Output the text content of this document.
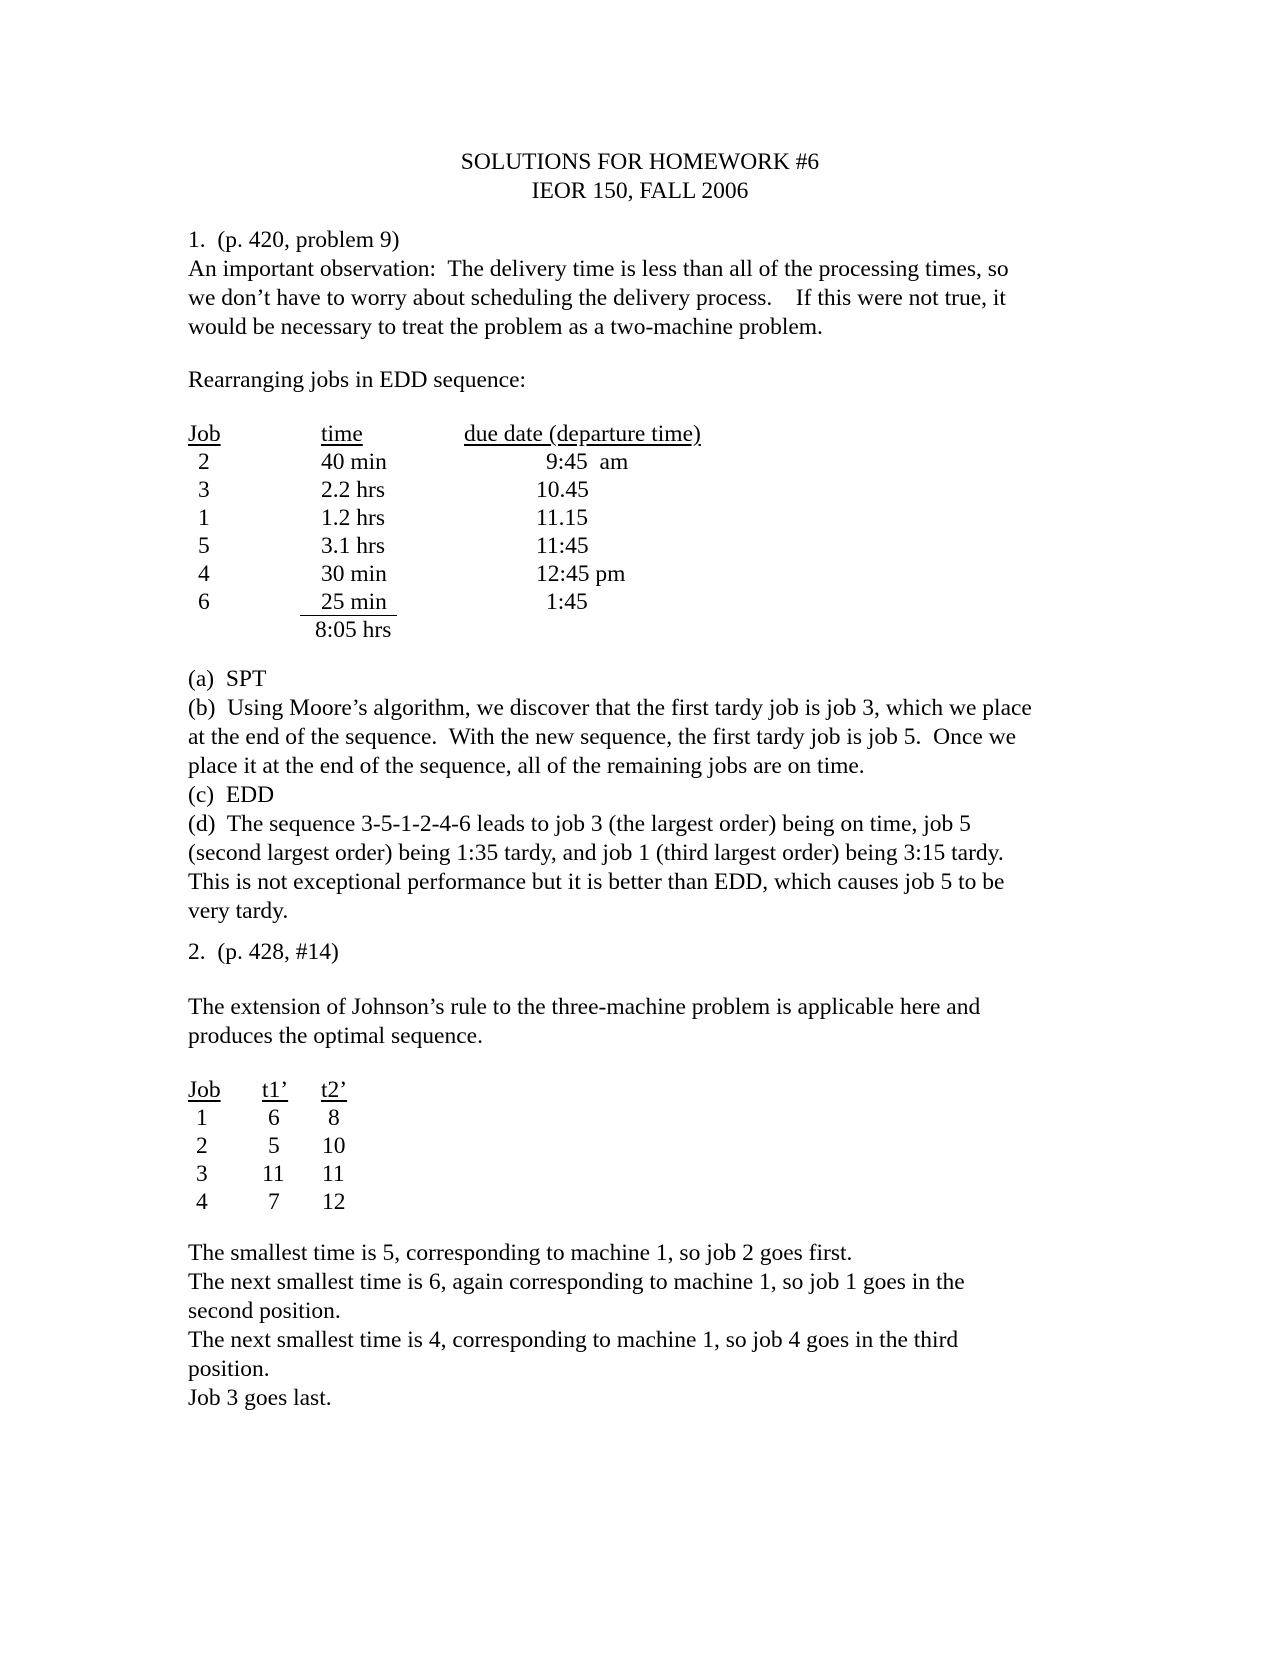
SOLUTIONS FOR HOMEWORK #6
IEOR 150, FALL 2006
1.  (p. 420, problem 9)
An important observation:  The delivery time is less than all of the processing times, so
we don’t have to worry about scheduling the delivery process.    If this were not true, it
would be necessary to treat the problem as a two-machine problem.
Rearranging jobs in EDD sequence:
Job	time	due date (departure time)
2	40 min	9:45  am
3	2.2 hrs	10.45
1	1.2 hrs	11.15
5	3.1 hrs	11:45
4	30 min	12:45 pm
6	25 min	1:45
8:05 hrs
(a)  SPT
(b)  Using Moore’s algorithm, we discover that the first tardy job is job 3, which we place
at the end of the sequence.  With the new sequence, the first tardy job is job 5.  Once we
place it at the end of the sequence, all of the remaining jobs are on time.
(c)  EDD
(d)  The sequence 3-5-1-2-4-6 leads to job 3 (the largest order) being on time, job 5
(second largest order) being 1:35 tardy, and job 1 (third largest order) being 3:15 tardy.
This is not exceptional performance but it is better than EDD, which causes job 5 to be
very tardy.
2.  (p. 428, #14)
The extension of Johnson’s rule to the three-machine problem is applicable here and
produces the optimal sequence.
Job t1’ t2’
1	6 8
2	5 10
3 11 11
4	7 12
The smallest time is 5, corresponding to machine 1, so job 2 goes first.
The next smallest time is 6, again corresponding to machine 1, so job 1 goes in the
second position.
The next smallest time is 4, corresponding to machine 1, so job 4 goes in the third
position.
Job 3 goes last.
